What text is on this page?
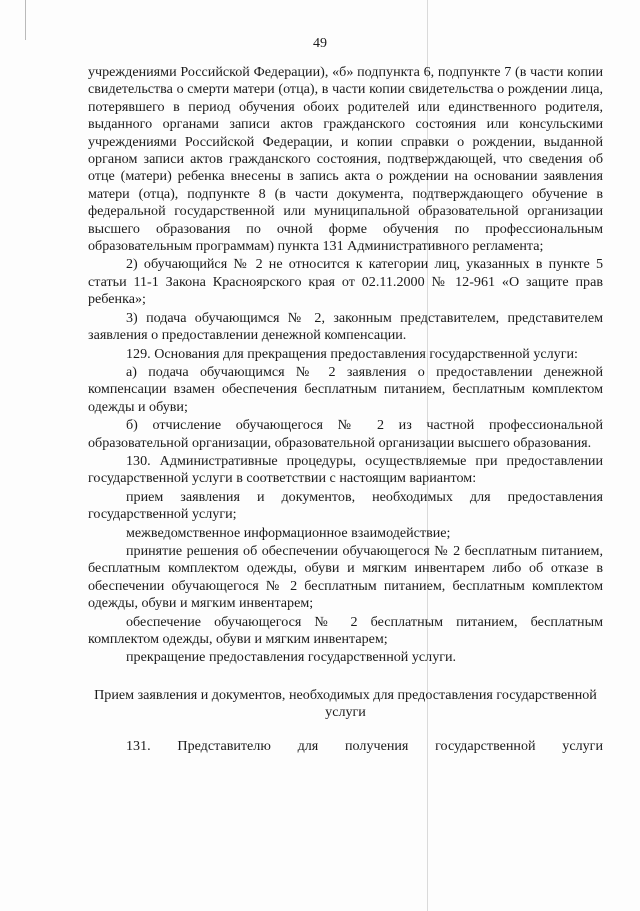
49

учреждениями Российской Федерации), «б» подпункта 6, подпункте 7 (в части копии свидетельства о смерти матери (отца), в части копии свидетельства о рождении лица, потерявшего в период обучения обоих родителей или единственного родителя, выданного органами записи актов гражданского состояния или консульскими учреждениями Российской Федерации, и копии справки о рождении, выданной органом записи актов гражданского состояния, подтверждающей, что сведения об отце (матери) ребенка внесены в запись акта о рождении на основании заявления матери (отца), подпункте 8 (в части документа, подтверждающего обучение в федеральной государственной или муниципальной образовательной организации высшего образования по очной форме обучения по профессиональным образовательным программам) пункта 131 Административного регламента;

2) обучающийся № 2 не относится к категории лиц, указанных в пункте 5 статьи 11-1 Закона Красноярского края от 02.11.2000 № 12-961 «О защите прав ребенка»;

3) подача обучающимся № 2, законным представителем, представителем заявления о предоставлении денежной компенсации.

129. Основания для прекращения предоставления государственной услуги:

а) подача обучающимся № 2 заявления о предоставлении денежной компенсации взамен обеспечения бесплатным питанием, бесплатным комплектом одежды и обуви;

б) отчисление обучающегося № 2 из частной профессиональной образовательной организации, образовательной организации высшего образования.

130. Административные процедуры, осуществляемые при предоставлении государственной услуги в соответствии с настоящим вариантом:

прием заявления и документов, необходимых для предоставления государственной услуги;

межведомственное информационное взаимодействие;

принятие решения об обеспечении обучающегося № 2 бесплатным питанием, бесплатным комплектом одежды, обуви и мягким инвентарем либо об отказе в обеспечении обучающегося № 2 бесплатным питанием, бесплатным комплектом одежды, обуви и мягким инвентарем;

обеспечение обучающегося № 2 бесплатным питанием, бесплатным комплектом одежды, обуви и мягким инвентарем;

прекращение предоставления государственной услуги.

Прием заявления и документов, необходимых для предоставления государственной услуги

131. Представителю для получения государственной услуги
